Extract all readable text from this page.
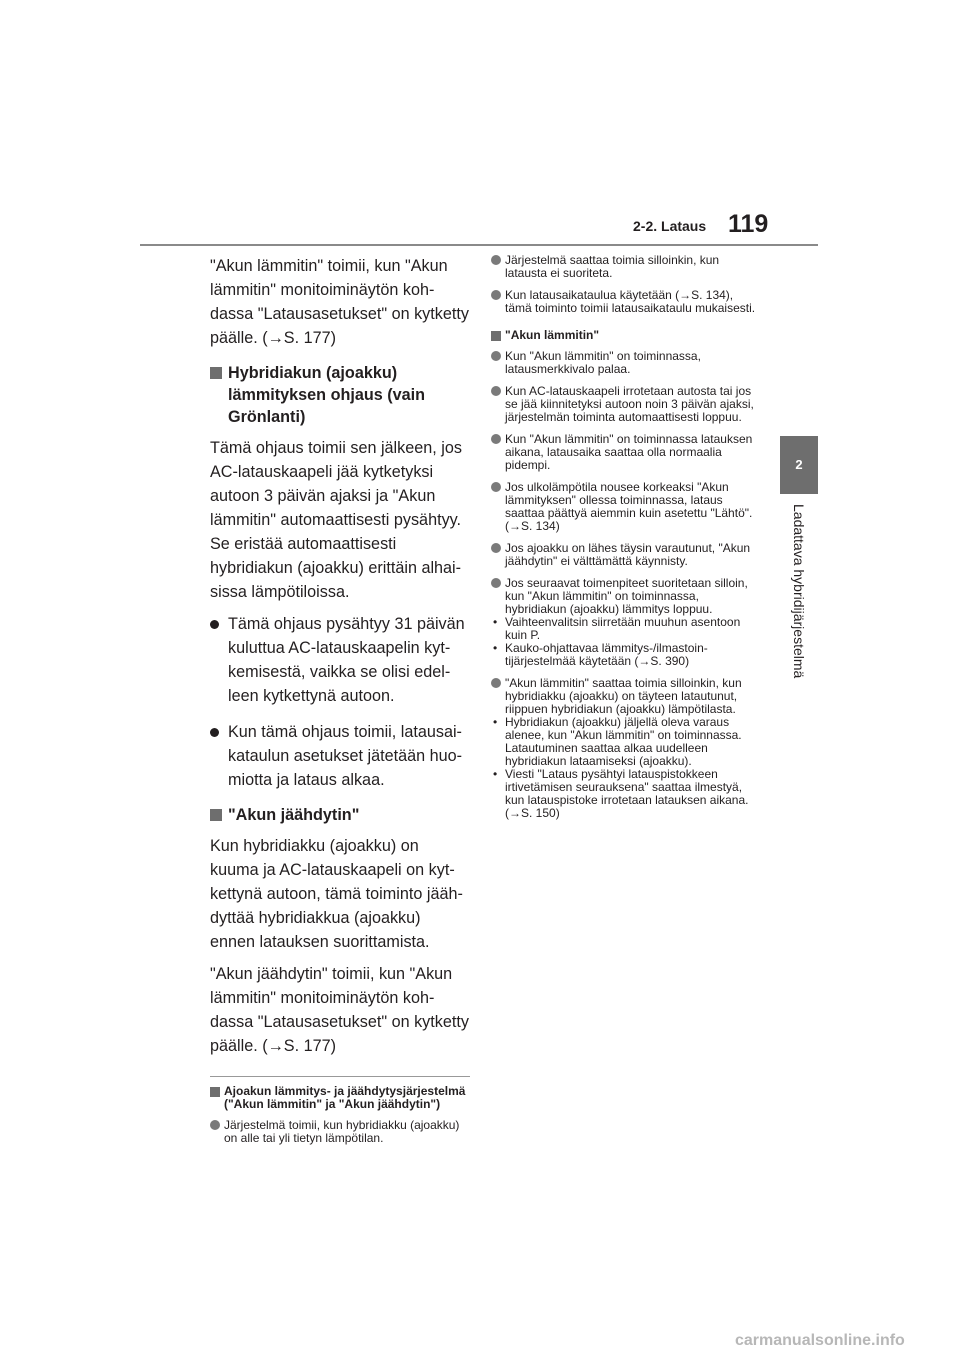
2-2. Lataus 119
2
Ladattava hybridijärjestelmä

"Akun lämmitin" toimii, kun "Akun lämmitin" monitoiminäytön kohdassa "Latausasetukset" on kytketty päälle. (→S. 177)

Hybridiakun (ajoakku) lämmityksen ohjaus (vain Grönlanti)

Tämä ohjaus toimii sen jälkeen, jos AC-latauskaapeli jää kytketyksi autoon 3 päivän ajaksi ja "Akun lämmitin" automaattisesti pysähtyy. Se eristää automaattisesti hybridiakun (ajoakku) erittäin alhaisissa lämpötiloissa.

Tämä ohjaus pysähtyy 31 päivän kuluttua AC-latauskaapelin kytkemisestä, vaikka se olisi edelleen kytkettynä autoon.
Kun tämä ohjaus toimii, latausaikataulun asetukset jätetään huomiotta ja lataus alkaa.
"Akun jäähdytin"

Kun hybridiakku (ajoakku) on kuuma ja AC-latauskaapeli on kytkettynä autoon, tämä toiminto jäähdyttää hybridiakkua (ajoakku) ennen latauksen suorittamista.

"Akun jäähdytin" toimii, kun "Akun lämmitin" monitoiminäytön kohdassa "Latausasetukset" on kytketty päälle. (→S. 177)

Ajoakun lämmitys- ja jäähdytysjärjestelmä ("Akun lämmitin" ja "Akun jäähdytin")
Järjestelmä toimii, kun hybridiakku (ajoakku) on alle tai yli tietyn lämpötilan.
Järjestelmä saattaa toimia silloinkin, kun latausta ei suoriteta.
Kun latausaikataulua käytetään (→S. 134), tämä toiminto toimii latausaikataulu mukaisesti.
"Akun lämmitin"
Kun "Akun lämmitin" on toiminnassa, latausmerkkivalo palaa.
Kun AC-latauskaapeli irrotetaan autosta tai jos se jää kiinnitetyksi autoon noin 3 päivän ajaksi, järjestelmän toiminta automaattisesti loppuu.
Kun "Akun lämmitin" on toiminnassa latauksen aikana, latausaika saattaa olla normaalia pidempi.
Jos ulkolämpötila nousee korkeaksi "Akun lämmityksen" ollessa toiminnassa, lataus saattaa päättyä aiemmin kuin asetettu "Lähtö". (→S. 134)
Jos ajoakku on lähes täysin varautunut, "Akun jäähdytin" ei välttämättä käynnisty.
Jos seuraavat toimenpiteet suoritetaan silloin, kun "Akun lämmitin" on toiminnassa, hybridiakun (ajoakku) lämmitys loppuu.
• Vaihteenvalitsin siirretään muuhun asentoon kuin P.
• Kauko-ohjattavaa lämmitys-/ilmastointijärjestelmää käytetään (→S. 390)
"Akun lämmitin" saattaa toimia silloinkin, kun hybridiakku (ajoakku) on täyteen latautunut, riippuen hybridiakun (ajoakku) lämpötilasta.
• Hybridiakun (ajoakku) jäljellä oleva varaus alenee, kun "Akun lämmitin" on toiminnassa. Latautuminen saattaa alkaa uudelleen hybridiakun lataamiseksi (ajoakku).
• Viesti "Lataus pysähtyi latauspistokkeen irtivetämisen seurauksena" saattaa ilmestyä, kun latauspistoke irrotetaan latauksen aikana. (→S. 150)
carmanualsonline.info
